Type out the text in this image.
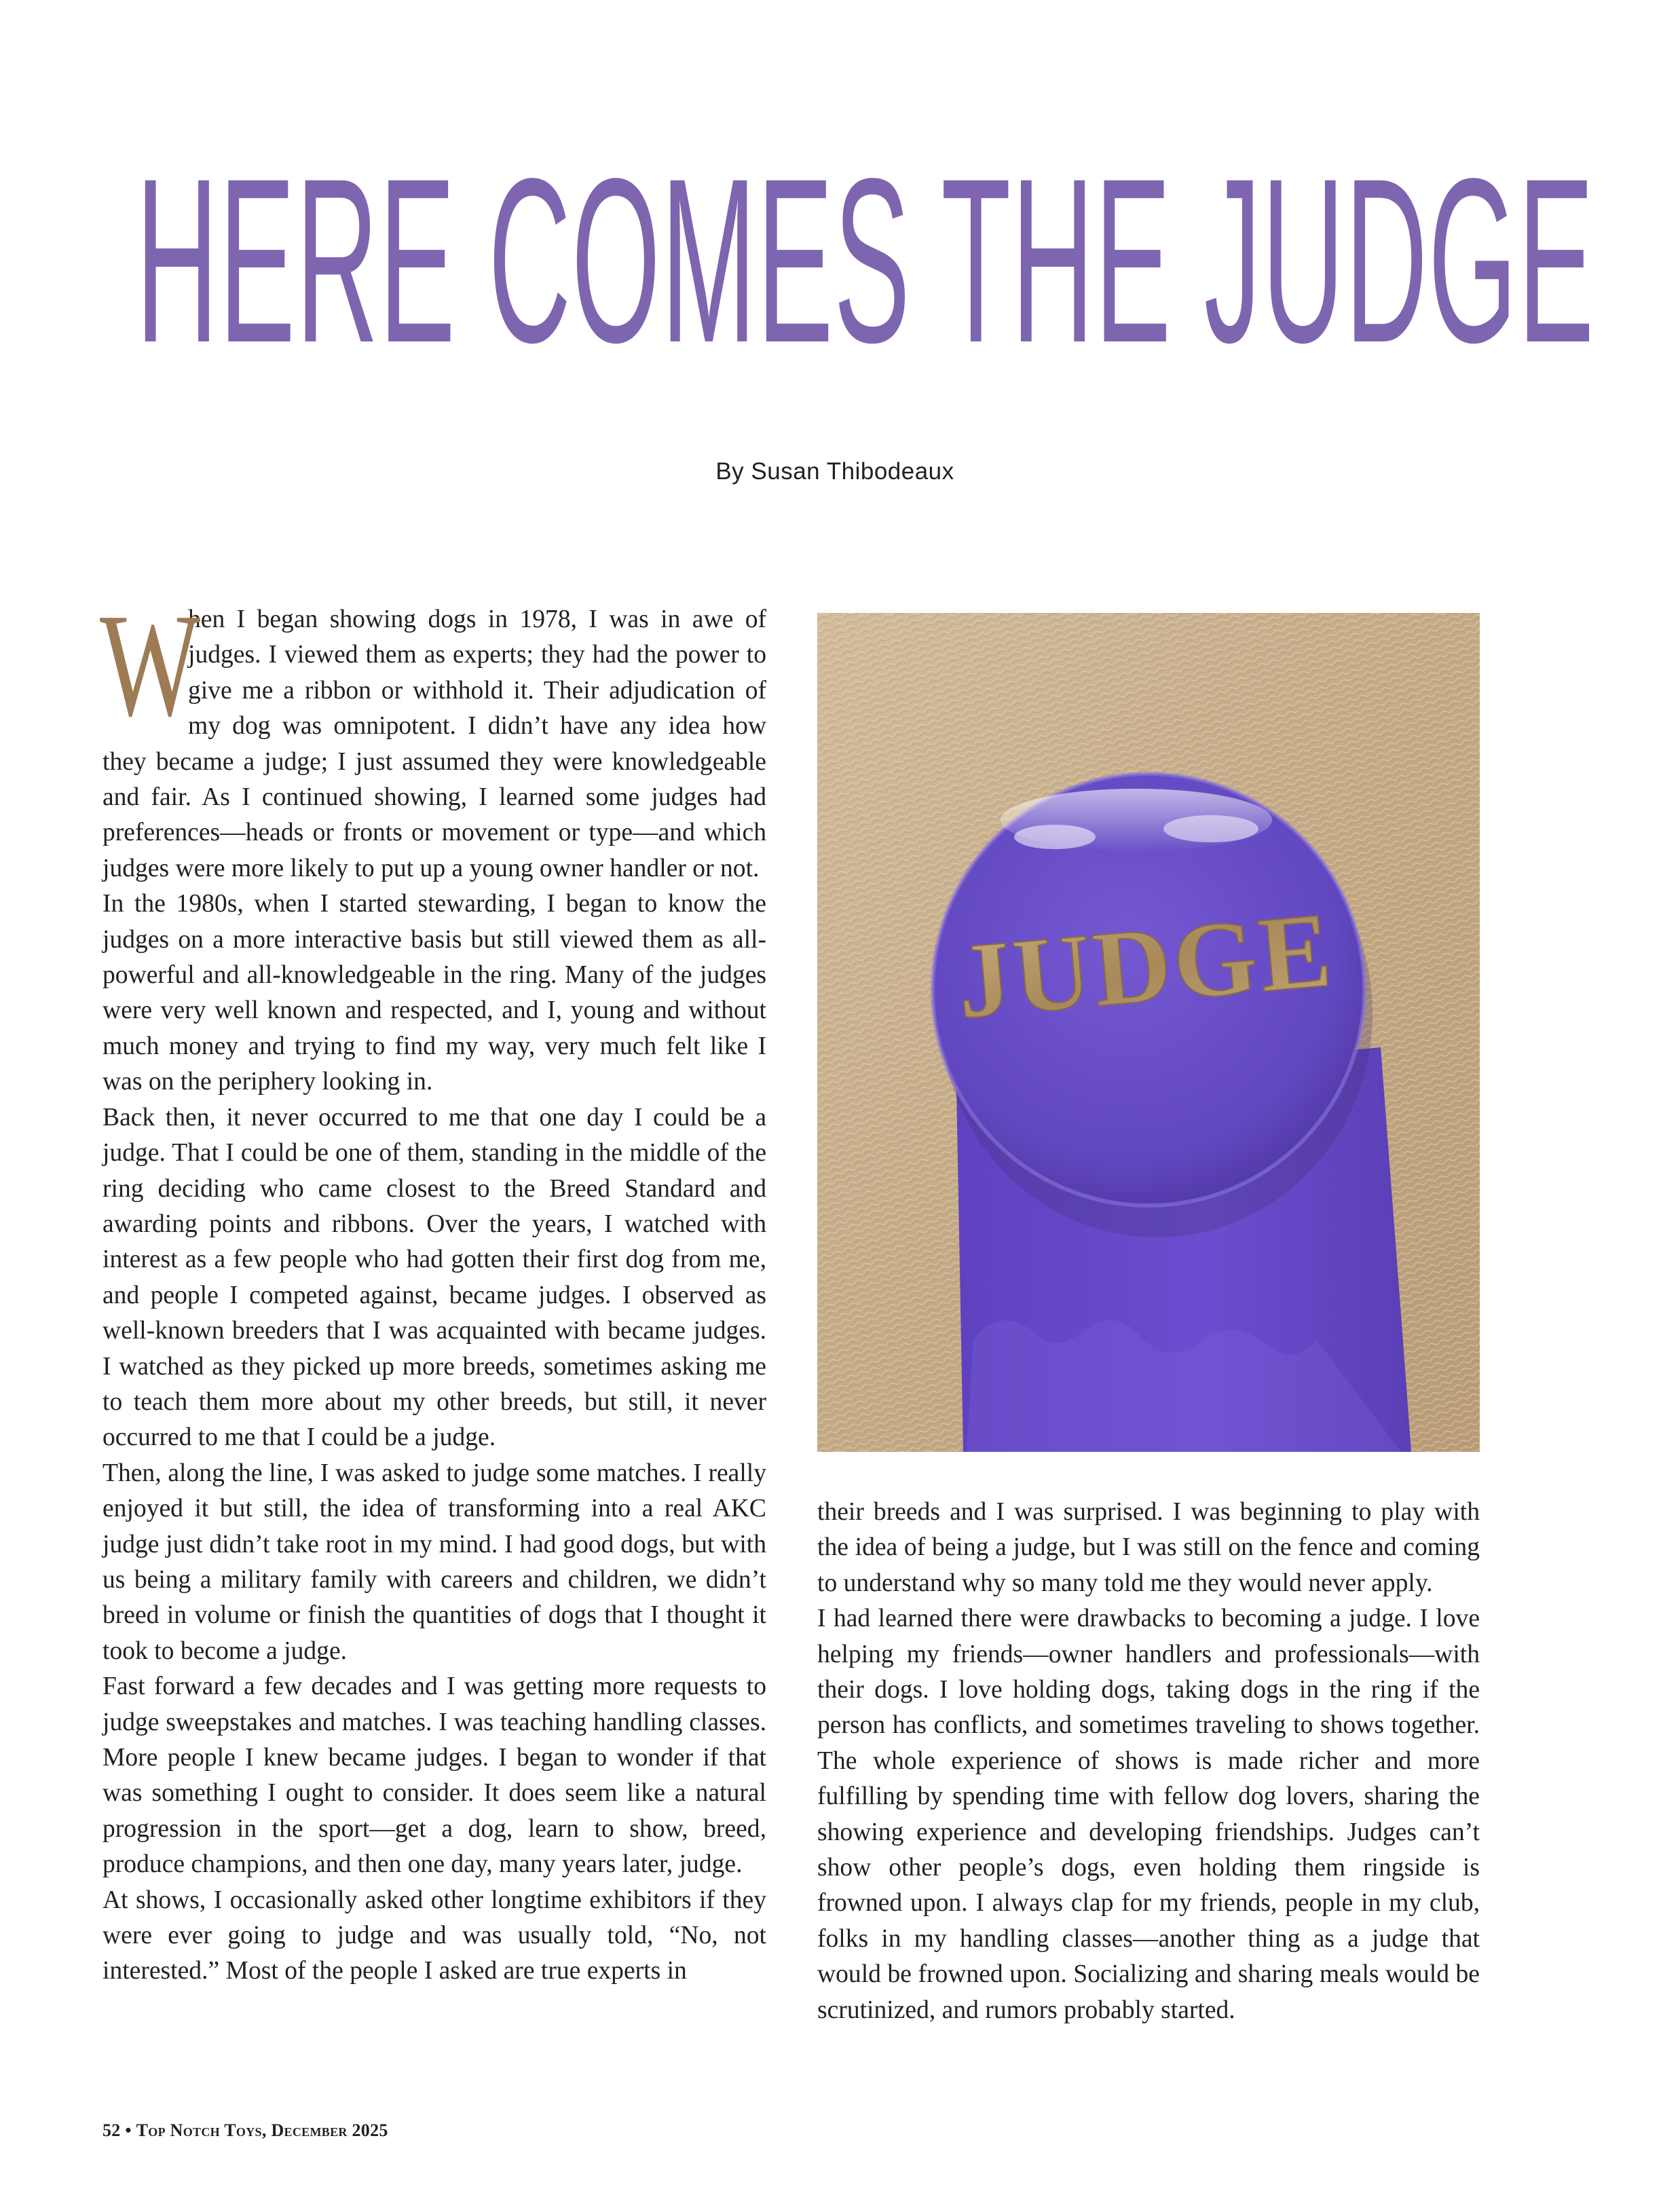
HERE COMES THE JUDGE
By Susan Thibodeaux

W
hen I began showing dogs in 1978, I was in awe of judges. I viewed them as experts; they had the power to give me a ribbon or withhold it. Their adjudication of my dog was omnipotent. I didn’t have any idea how they became a judge; I just assumed they were knowledgeable and fair. As I continued showing, I learned some judges had preferences—heads or fronts or movement or type—and which judges were more likely to put up a young owner handler or not.

In the 1980s, when I started stewarding, I began to know the judges on a more interactive basis but still viewed them as all-powerful and all-knowledgeable in the ring. Many of the judges were very well known and respected, and I, young and without much money and trying to find my way, very much felt like I was on the periphery looking in.

Back then, it never occurred to me that one day I could be a judge. That I could be one of them, standing in the middle of the ring deciding who came closest to the Breed Standard and awarding points and ribbons. Over the years, I watched with interest as a few people who had gotten their first dog from me, and people I competed against, became judges. I observed as well-known breeders that I was acquainted with became judges. I watched as they picked up more breeds, sometimes asking me to teach them more about my other breeds, but still, it never occurred to me that I could be a judge.

Then, along the line, I was asked to judge some matches. I really enjoyed it but still, the idea of transforming into a real AKC judge just didn’t take root in my mind. I had good dogs, but with us being a military family with careers and children, we didn’t breed in volume or finish the quantities of dogs that I thought it took to become a judge.

Fast forward a few decades and I was getting more requests to judge sweepstakes and matches. I was teaching handling classes. More people I knew became judges. I began to wonder if that was something I ought to consider. It does seem like a natural progression in the sport—get a dog, learn to show, breed, produce champions, and then one day, many years later, judge.

At shows, I occasionally asked other longtime exhibitors if they were ever going to judge and was usually told, “No, not interested.” Most of the people I asked are true experts in

JUDGE

their breeds and I was surprised. I was beginning to play with the idea of being a judge, but I was still on the fence and coming to understand why so many told me they would never apply.

I had learned there were drawbacks to becoming a judge. I love helping my friends—owner handlers and professionals—with their dogs. I love holding dogs, taking dogs in the ring if the person has conflicts, and sometimes traveling to shows together. The whole experience of shows is made richer and more fulfilling by spending time with fellow dog lovers, sharing the showing experience and developing friendships. Judges can’t show other people’s dogs, even holding them ringside is frowned upon. I always clap for my friends, people in my club, folks in my handling classes—another thing as a judge that would be frowned upon. Socializing and sharing meals would be scrutinized, and rumors probably started.

52 • Top Notch Toys, December 2025
